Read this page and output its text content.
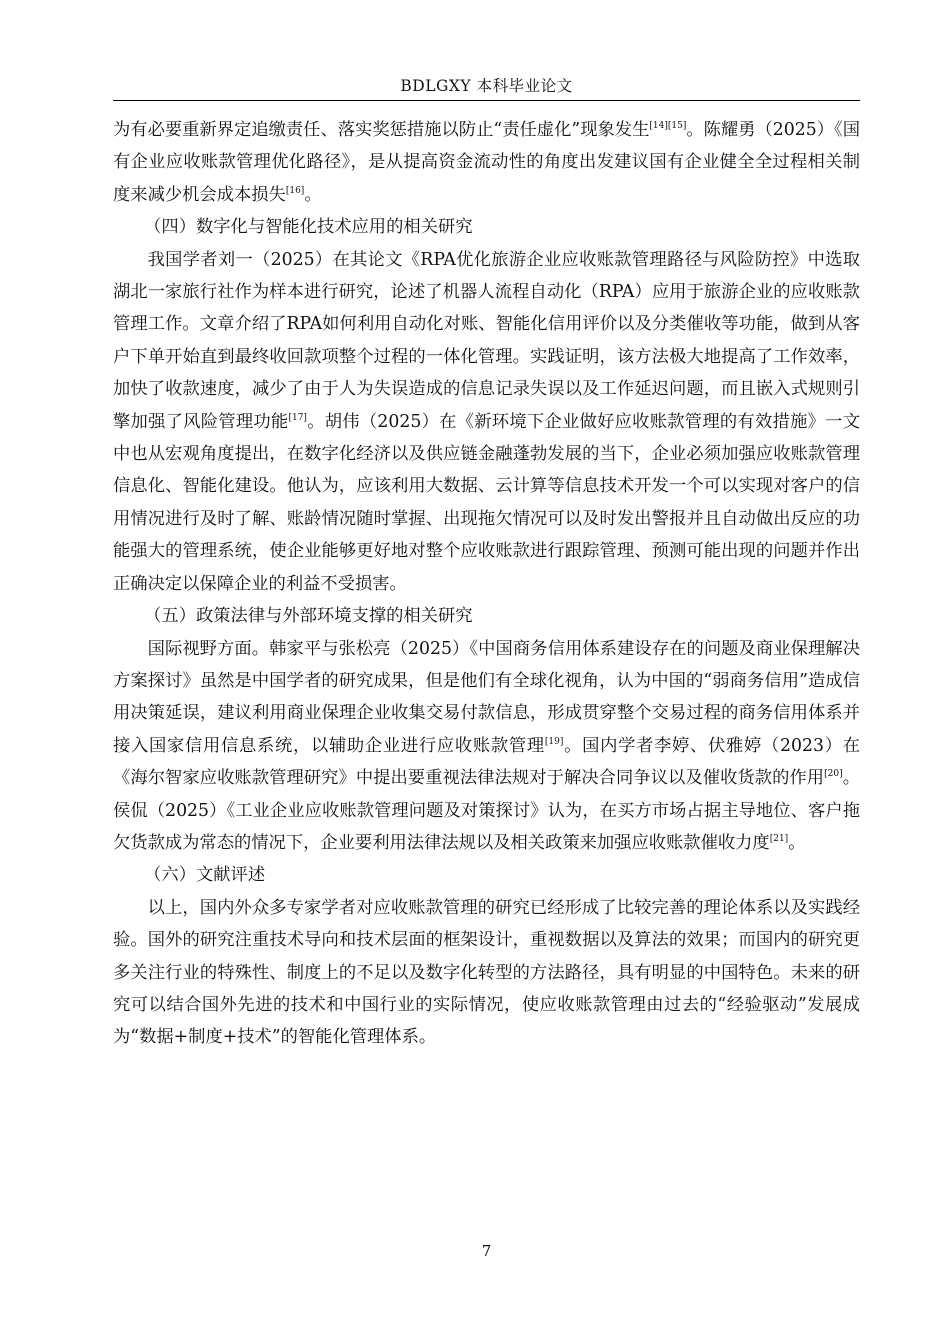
BDLGXY 本科毕业论文

为有必要重新界定追缴责任、落实奖惩措施以防止“责任虚化”现象发生[14][15]。陈耀勇（2025）《国有企业应收账款管理优化路径》，是从提高资金流动性的角度出发建议国有企业健全全过程相关制度来减少机会成本损失[16]。

（四）数字化与智能化技术应用的相关研究

我国学者刘一（2025）在其论文《RPA优化旅游企业应收账款管理路径与风险防控》中选取湖北一家旅行社作为样本进行研究，论述了机器人流程自动化（RPA）应用于旅游企业的应收账款管理工作。文章介绍了RPA如何利用自动化对账、智能化信用评价以及分类催收等功能，做到从客户下单开始直到最终收回款项整个过程的一体化管理。实践证明，该方法极大地提高了工作效率，加快了收款速度，减少了由于人为失误造成的信息记录失误以及工作延迟问题，而且嵌入式规则引擎加强了风险管理功能[17]。胡伟（2025）在《新环境下企业做好应收账款管理的有效措施》一文中也从宏观角度提出，在数字化经济以及供应链金融蓬勃发展的当下，企业必须加强应收账款管理信息化、智能化建设。他认为，应该利用大数据、云计算等信息技术开发一个可以实现对客户的信用情况进行及时了解、账龄情况随时掌握、出现拖欠情况可以及时发出警报并且自动做出反应的功能强大的管理系统，使企业能够更好地对整个应收账款进行跟踪管理、预测可能出现的问题并作出正确决定以保障企业的利益不受损害。

（五）政策法律与外部环境支撑的相关研究

国际视野方面。韩家平与张松亮（2025）《中国商务信用体系建设存在的问题及商业保理解决方案探讨》虽然是中国学者的研究成果，但是他们有全球化视角，认为中国的“弱商务信用”造成信用决策延误，建议利用商业保理企业收集交易付款信息，形成贯穿整个交易过程的商务信用体系并接入国家信用信息系统，以辅助企业进行应收账款管理[19]。国内学者李婷、伏雅婷（2023）在《海尔智家应收账款管理研究》中提出要重视法律法规对于解决合同争议以及催收货款的作用[20]。侯侃（2025）《工业企业应收账款管理问题及对策探讨》认为，在买方市场占据主导地位、客户拖欠货款成为常态的情况下，企业要利用法律法规以及相关政策来加强应收账款催收力度[21]。

（六）文献评述

以上，国内外众多专家学者对应收账款管理的研究已经形成了比较完善的理论体系以及实践经验。国外的研究注重技术导向和技术层面的框架设计，重视数据以及算法的效果；而国内的研究更多关注行业的特殊性、制度上的不足以及数字化转型的方法路径，具有明显的中国特色。未来的研究可以结合国外先进的技术和中国行业的实际情况，使应收账款管理由过去的“经验驱动”发展成为“数据+制度+技术”的智能化管理体系。

7
